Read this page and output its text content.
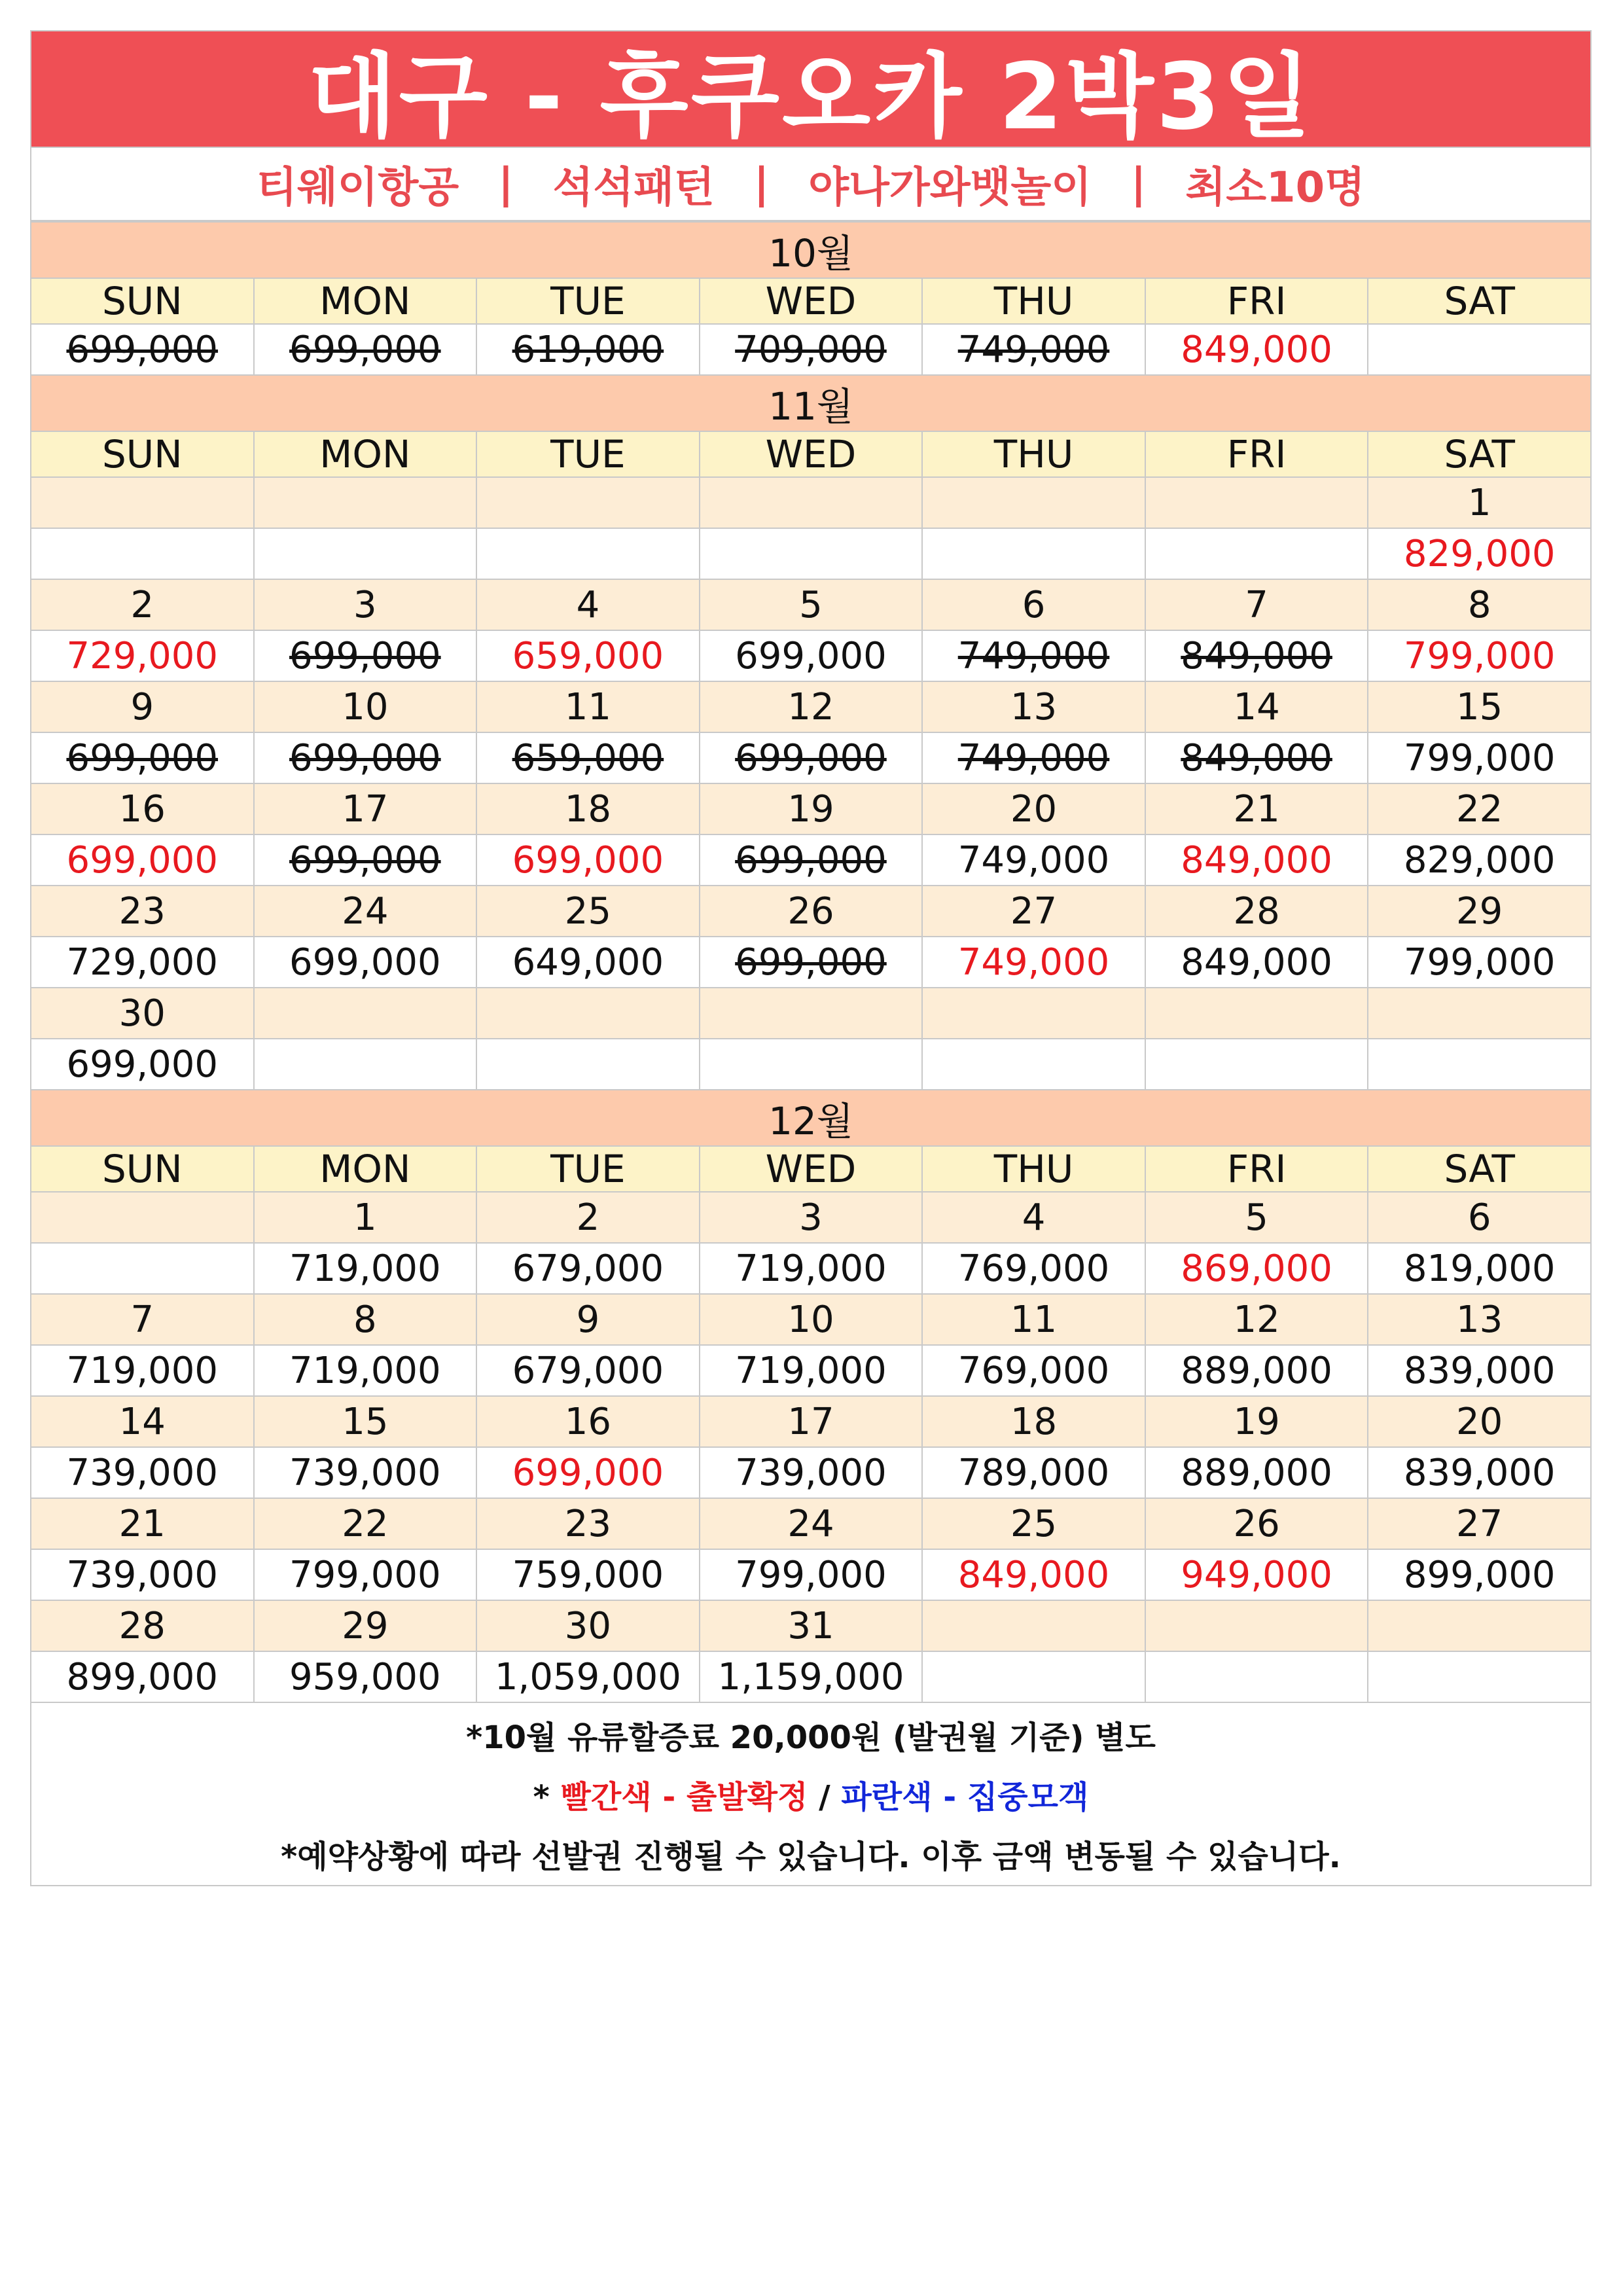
대구 - 후쿠오카 2박3일
티웨이항공 | 석석패턴 | 야나가와뱃놀이 | 최소10명
10월						
SUN	MON	TUE	WED	THU	FRI	SAT
699,000	699,000	619,000	709,000	749,000	849,000	
11월						
SUN	MON	TUE	WED	THU	FRI	SAT
						1
						829,000
2	3	4	5	6	7	8
729,000	699,000	659,000	699,000	749,000	849,000	799,000
9	10	11	12	13	14	15
699,000	699,000	659,000	699,000	749,000	849,000	799,000
16	17	18	19	20	21	22
699,000	699,000	699,000	699,000	749,000	849,000	829,000
23	24	25	26	27	28	29
729,000	699,000	649,000	699,000	749,000	849,000	799,000
30						
699,000						
12월						
SUN	MON	TUE	WED	THU	FRI	SAT
	1	2	3	4	5	6
	719,000	679,000	719,000	769,000	869,000	819,000
7	8	9	10	11	12	13
719,000	719,000	679,000	719,000	769,000	889,000	839,000
14	15	16	17	18	19	20
739,000	739,000	699,000	739,000	789,000	889,000	839,000
21	22	23	24	25	26	27
739,000	799,000	759,000	799,000	849,000	949,000	899,000
28	29	30	31			
899,000	959,000	1,059,000	1,159,000			
*10월 유류할증료 20,000원 (발권월 기준) 별도
* 빨간색 - 출발확정 / 파란색 - 집중모객
*예약상황에 따라 선발권 진행될 수 있습니다. 이후 금액 변동될 수 있습니다.
